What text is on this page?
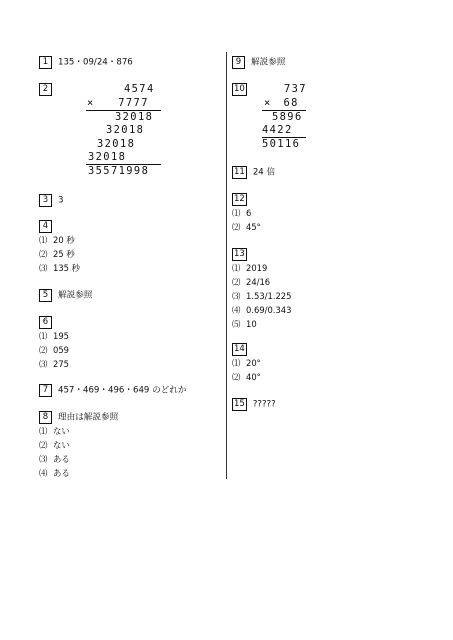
1 135・09/24・876
2	4574
×　　7777
32018
32018
32018
32018
35571998
3 3
4
⑴ 20 秒
⑵ 25 秒
⑶ 135 秒
5 解説参照
6
⑴ 195
⑵ 059
⑶ 275
7 457・469・496・649 のどれか
8 理由は解説参照
⑴ ない
⑵ ない
⑶ ある
⑷ ある
9 解説参照
10	737
×　68
5896
4422
50116
11 24 倍
12
⑴ 6
⑵ 45°
13
⑴ 2019
⑵ 24/16
⑶ 1.53/1.225
⑷ 0.69/0.343
⑸ 10
14
⑴ 20°
⑵ 40°
15 ?????
